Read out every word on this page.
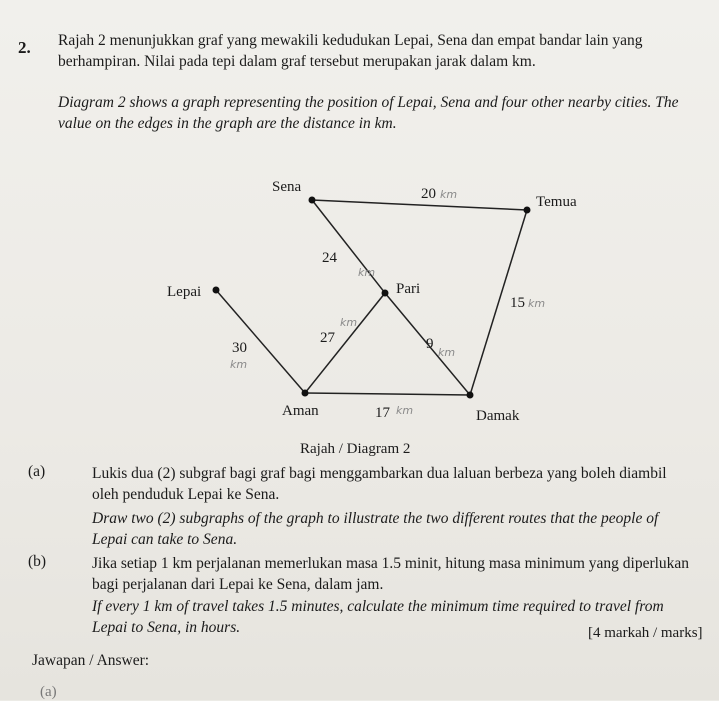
2. Rajah 2 menunjukkan graf yang mewakili kedudukan Lepai, Sena dan empat bandar lain yang berhampiran. Nilai pada tepi dalam graf tersebut merupakan jarak dalam km.
Diagram 2 shows a graph representing the position of Lepai, Sena and four other nearby cities. The value on the edges in the graph are the distance in km.
Sena
Temua
Lepai	Pari
Aman	Damak
20 km
24
km
15 km
30
km
27
km
9
km
17 km
Rajah / Diagram 2
(a)	Lukis dua (2) subgraf bagi graf bagi menggambarkan dua laluan berbeza yang boleh diambil oleh penduduk Lepai ke Sena.
Draw two (2) subgraphs of the graph to illustrate the two different routes that the people of Lepai can take to Sena.
(b)	Jika setiap 1 km perjalanan memerlukan masa 1.5 minit, hitung masa minimum yang diperlukan bagi perjalanan dari Lepai ke Sena, dalam jam.
If every 1 km of travel takes 1.5 minutes, calculate the minimum time required to travel from Lepai to Sena, in hours.	[4 markah / marks]
Jawapan / Answer:
(a)
